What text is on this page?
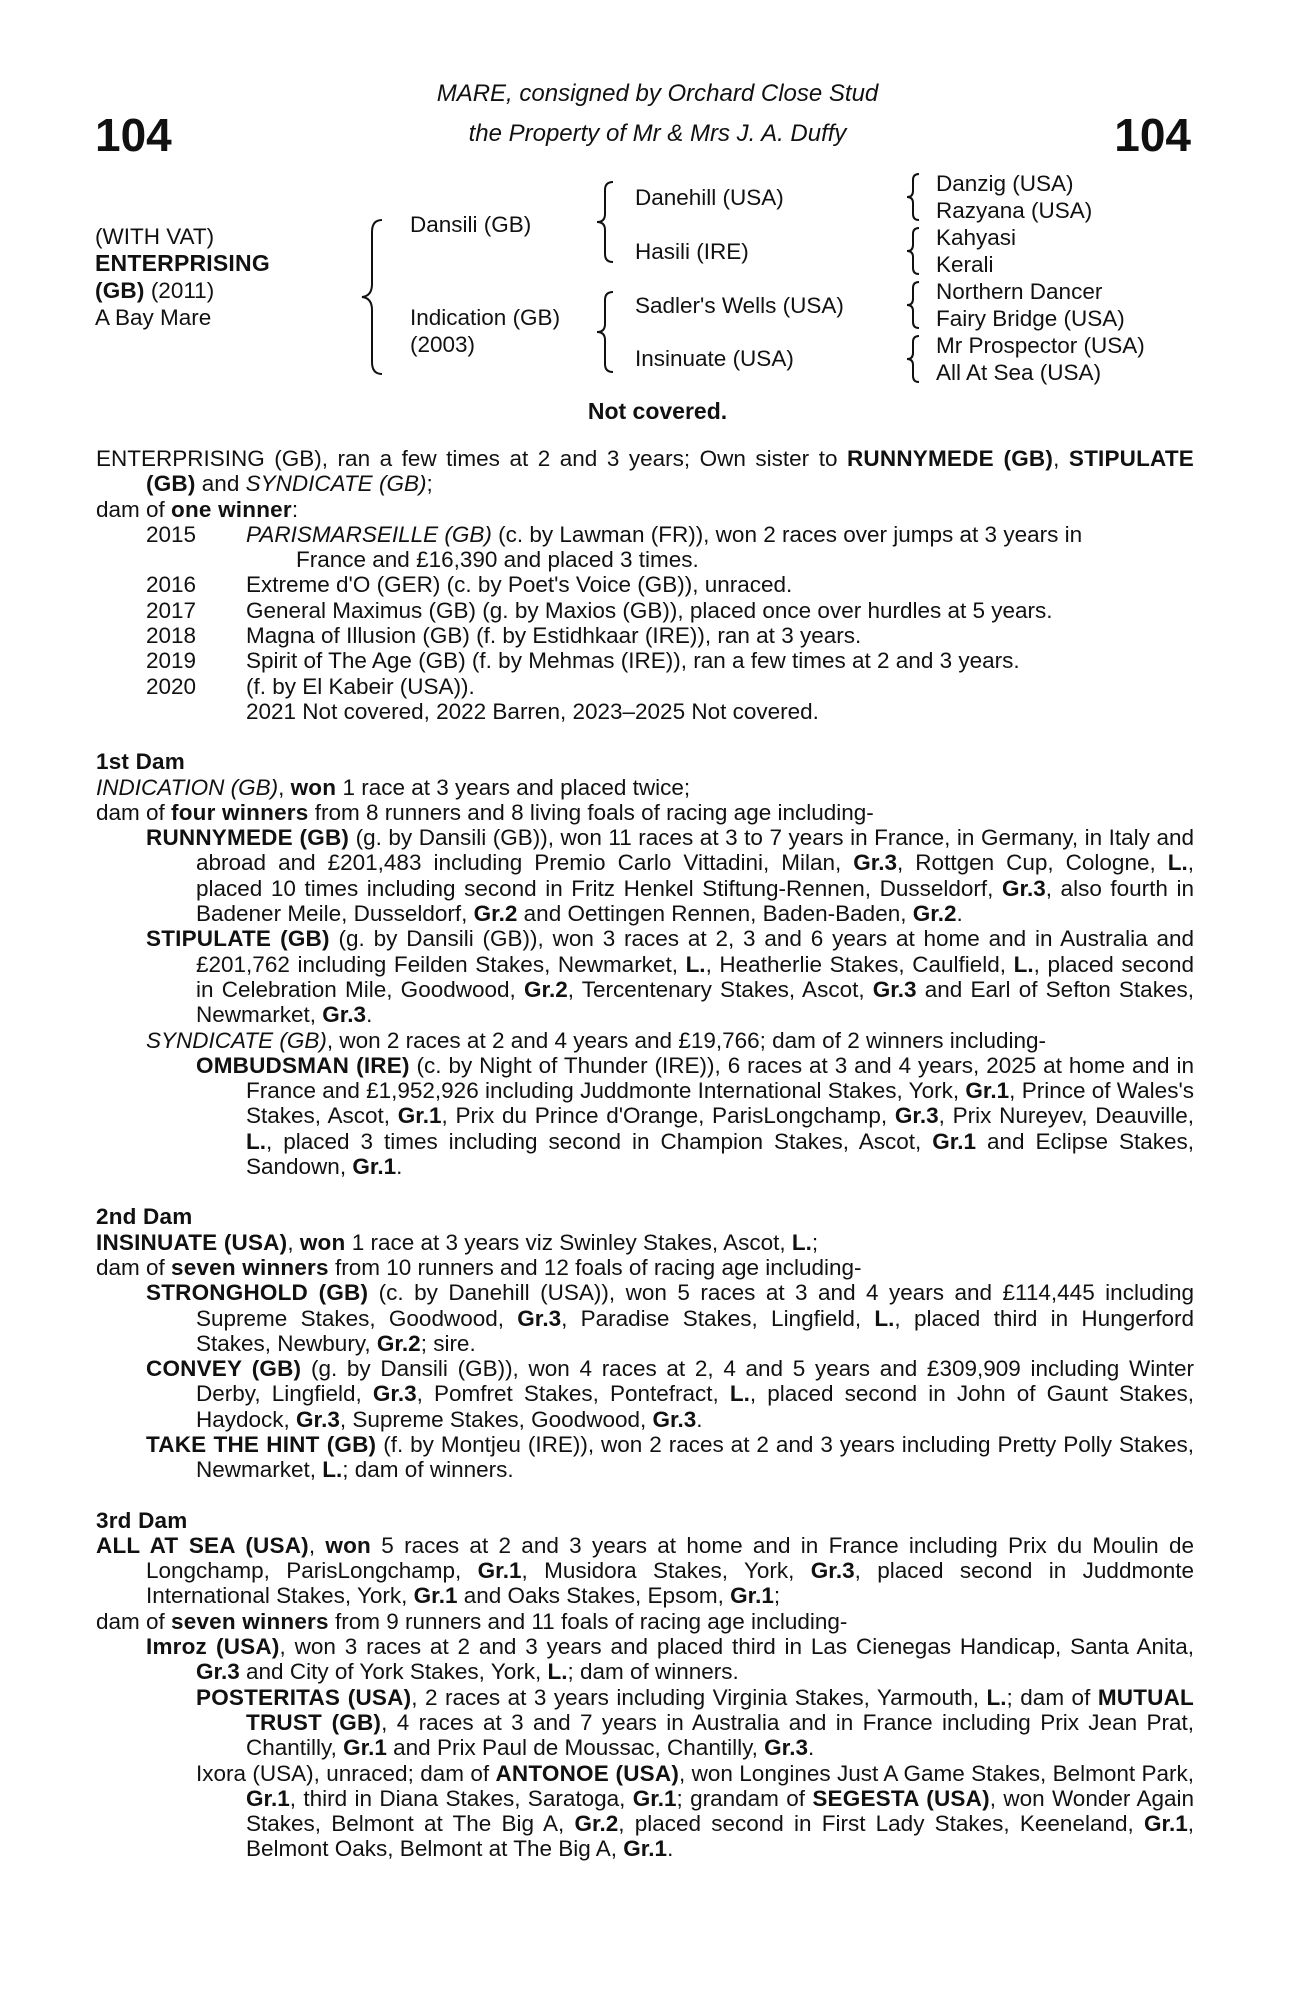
104	104
MARE, consigned by Orchard Close Stud
the Property of Mr & Mrs J. A. Duffy
(WITH VAT)
ENTERPRISING
(GB) (2011)
A Bay Mare
Dansili (GB)
Indication (GB)
(2003)
Danehill (USA)
Hasili (IRE)
Sadler's Wells (USA)
Insinuate (USA)
Danzig (USA)
Razyana (USA)
Kahyasi
Kerali
Northern Dancer
Fairy Bridge (USA)
Mr Prospector (USA)
All At Sea (USA)
Not covered.

ENTERPRISING (GB), ran a few times at 2 and 3 years; Own sister to RUNNYMEDE (GB), STIPULATE (GB) and SYNDICATE (GB);

dam of one winner:

2015	PARISMARSEILLE (GB) (c. by Lawman (FR)), won 2 races over jumps at 3 years in
France and £16,390 and placed 3 times.
2016	Extreme d'O (GER) (c. by Poet's Voice (GB)), unraced.
2017	General Maximus (GB) (g. by Maxios (GB)), placed once over hurdles at 5 years.
2018	Magna of Illusion (GB) (f. by Estidhkaar (IRE)), ran at 3 years.
2019	Spirit of The Age (GB) (f. by Mehmas (IRE)), ran a few times at 2 and 3 years.
2020	(f. by El Kabeir (USA)).
2021 Not covered, 2022 Barren, 2023–2025 Not covered.

1st Dam

INDICATION (GB), won 1 race at 3 years and placed twice;

dam of four winners from 8 runners and 8 living foals of racing age including-

RUNNYMEDE (GB) (g. by Dansili (GB)), won 11 races at 3 to 7 years in France, in Germany, in Italy and abroad and £201,483 including Premio Carlo Vittadini, Milan, Gr.3, Rottgen Cup, Cologne, L., placed 10 times including second in Fritz Henkel Stiftung-Rennen, Dusseldorf, Gr.3, also fourth in Badener Meile, Dusseldorf, Gr.2 and Oettingen Rennen, Baden-Baden, Gr.2.

STIPULATE (GB) (g. by Dansili (GB)), won 3 races at 2, 3 and 6 years at home and in Australia and £201,762 including Feilden Stakes, Newmarket, L., Heatherlie Stakes, Caulfield, L., placed second in Celebration Mile, Goodwood, Gr.2, Tercentenary Stakes, Ascot, Gr.3 and Earl of Sefton Stakes, Newmarket, Gr.3.

SYNDICATE (GB), won 2 races at 2 and 4 years and £19,766; dam of 2 winners including-

OMBUDSMAN (IRE) (c. by Night of Thunder (IRE)), 6 races at 3 and 4 years, 2025 at home and in France and £1,952,926 including Juddmonte International Stakes, York, Gr.1, Prince of Wales's Stakes, Ascot, Gr.1, Prix du Prince d'Orange, ParisLongchamp, Gr.3, Prix Nureyev, Deauville, L., placed 3 times including second in Champion Stakes, Ascot, Gr.1 and Eclipse Stakes, Sandown, Gr.1.

2nd Dam

INSINUATE (USA), won 1 race at 3 years viz Swinley Stakes, Ascot, L.;

dam of seven winners from 10 runners and 12 foals of racing age including-

STRONGHOLD (GB) (c. by Danehill (USA)), won 5 races at 3 and 4 years and £114,445 including Supreme Stakes, Goodwood, Gr.3, Paradise Stakes, Lingfield, L., placed third in Hungerford Stakes, Newbury, Gr.2; sire.

CONVEY (GB) (g. by Dansili (GB)), won 4 races at 2, 4 and 5 years and £309,909 including Winter Derby, Lingfield, Gr.3, Pomfret Stakes, Pontefract, L., placed second in John of Gaunt Stakes, Haydock, Gr.3, Supreme Stakes, Goodwood, Gr.3.

TAKE THE HINT (GB) (f. by Montjeu (IRE)), won 2 races at 2 and 3 years including Pretty Polly Stakes, Newmarket, L.; dam of winners.

3rd Dam

ALL AT SEA (USA), won 5 races at 2 and 3 years at home and in France including Prix du Moulin de Longchamp, ParisLongchamp, Gr.1, Musidora Stakes, York, Gr.3, placed second in Juddmonte International Stakes, York, Gr.1 and Oaks Stakes, Epsom, Gr.1;

dam of seven winners from 9 runners and 11 foals of racing age including-

Imroz (USA), won 3 races at 2 and 3 years and placed third in Las Cienegas Handicap, Santa Anita, Gr.3 and City of York Stakes, York, L.; dam of winners.

POSTERITAS (USA), 2 races at 3 years including Virginia Stakes, Yarmouth, L.; dam of MUTUAL TRUST (GB), 4 races at 3 and 7 years in Australia and in France including Prix Jean Prat, Chantilly, Gr.1 and Prix Paul de Moussac, Chantilly, Gr.3.

Ixora (USA), unraced; dam of ANTONOE (USA), won Longines Just A Game Stakes, Belmont Park, Gr.1, third in Diana Stakes, Saratoga, Gr.1; grandam of SEGESTA (USA), won Wonder Again Stakes, Belmont at The Big A, Gr.2, placed second in First Lady Stakes, Keeneland, Gr.1, Belmont Oaks, Belmont at The Big A, Gr.1.
